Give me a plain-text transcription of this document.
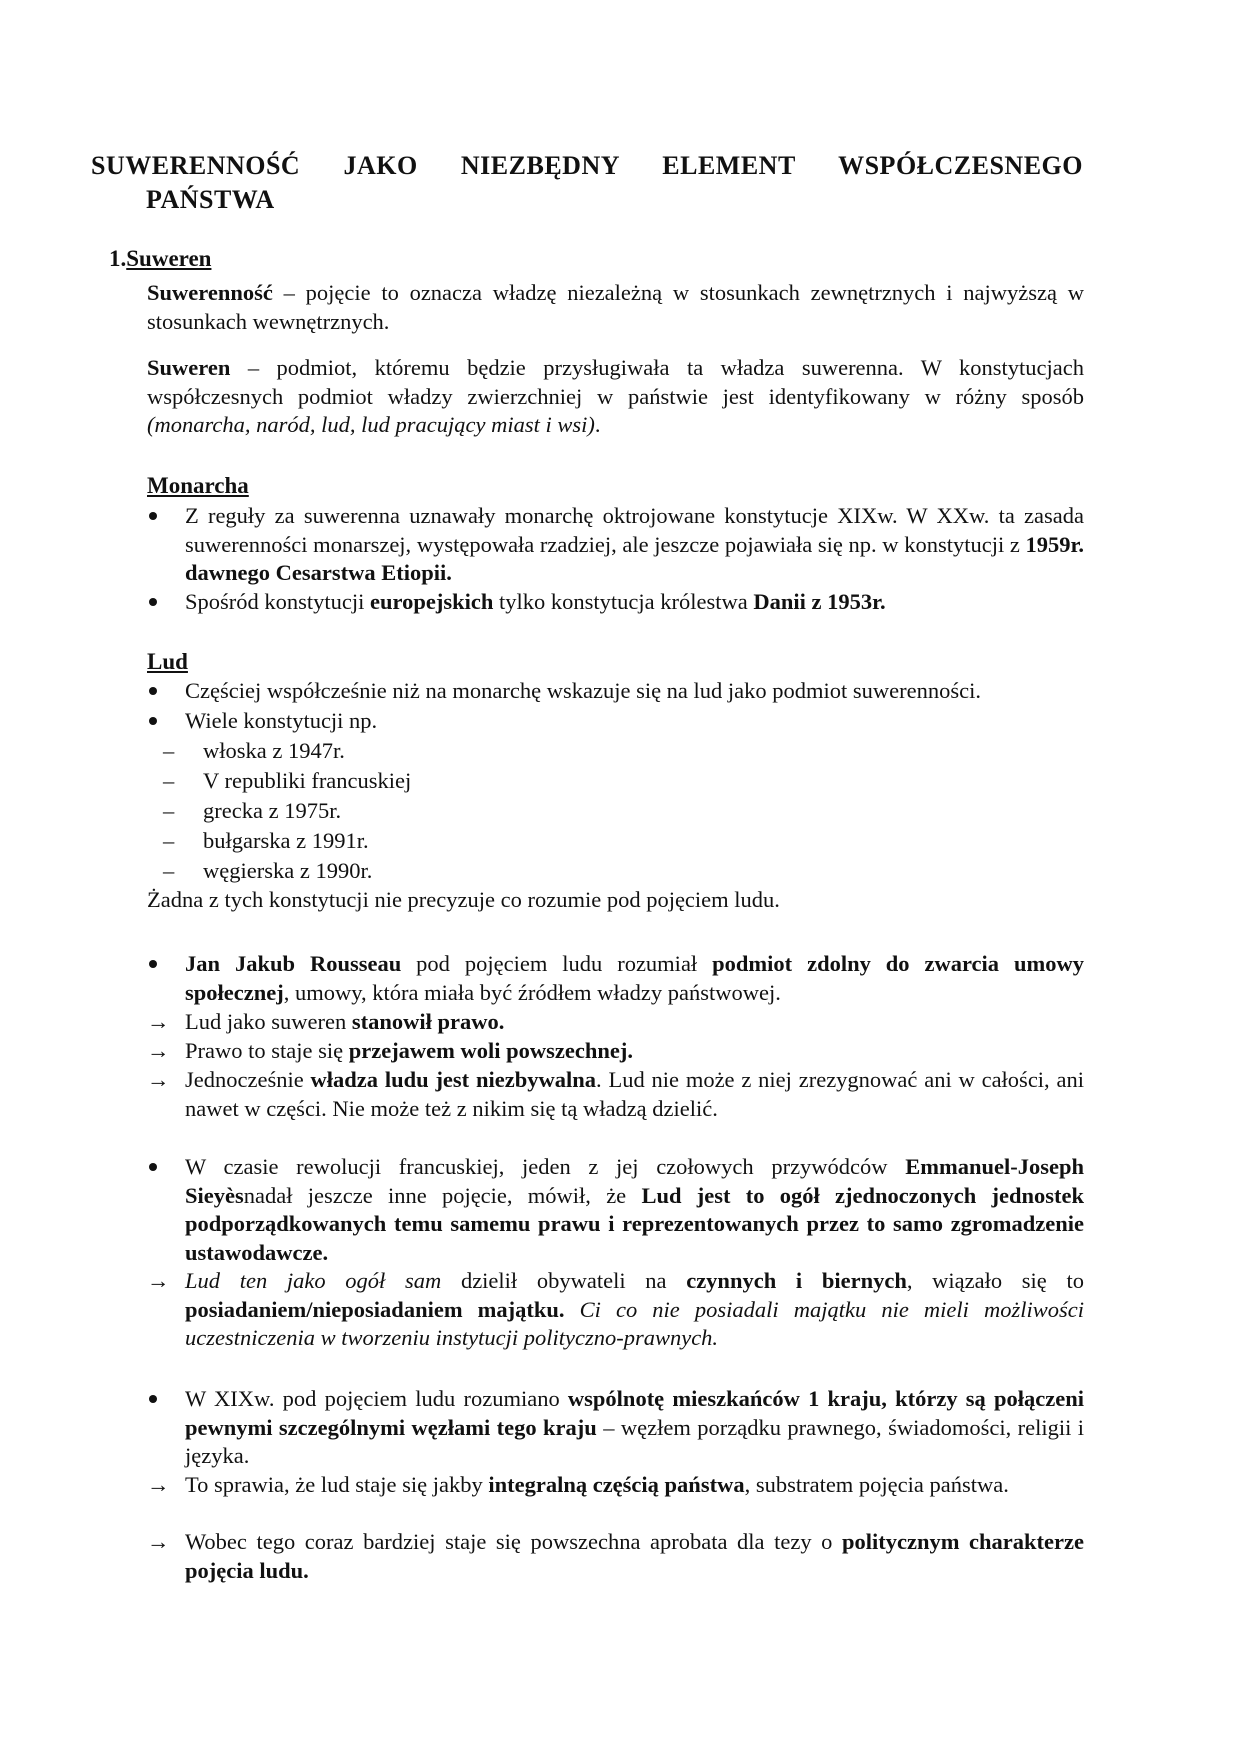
SUWERENNOŚĆ JAKO NIEZBĘDNY ELEMENT WSPÓŁCZESNEGO
PAŃSTWA
1.Suweren

Suwerenność – pojęcie to oznacza władzę niezależną w stosunkach zewnętrznych i najwyższą w stosunkach wewnętrznych.

Suweren – podmiot, któremu będzie przysługiwała ta władza suwerenna. W konstytucjach współczesnych podmiot władzy zwierzchniej w państwie jest identyfikowany w różny sposób (monarcha, naród, lud, lud pracujący miast i wsi).

Monarcha
Z reguły za suwerenna uznawały monarchę oktrojowane konstytucje XIXw. W XXw. ta zasada suwerenności monarszej, występowała rzadziej, ale jeszcze pojawiała się np. w konstytucji z 1959r. dawnego Cesarstwa Etiopii.
Spośród konstytucji europejskich tylko konstytucja królestwa Danii z 1953r.
Lud
Częściej współcześnie niż na monarchę wskazuje się na lud jako podmiot suwerenności.
Wiele konstytucji np.
–	włoska z 1947r.
–	V republiki francuskiej
–	grecka z 1975r.
–	bułgarska z 1991r.
–	węgierska z 1990r.

Żadna z tych konstytucji nie precyzuje co rozumie pod pojęciem ludu.

Jan Jakub Rousseau pod pojęciem ludu rozumiał podmiot zdolny do zwarcia umowy społecznej, umowy, która miała być źródłem władzy państwowej.
→ Lud jako suweren stanowił prawo.
→ Prawo to staje się przejawem woli powszechnej.
→ Jednocześnie władza ludu jest niezbywalna. Lud nie może z niej zrezygnować ani w całości, ani nawet w części. Nie może też z nikim się tą władzą dzielić.
W czasie rewolucji francuskiej, jeden z jej czołowych przywódców Emmanuel-Joseph Sieyèsnadał jeszcze inne pojęcie, mówił, że Lud jest to ogół zjednoczonych jednostek podporządkowanych temu samemu prawu i reprezentowanych przez to samo zgromadzenie ustawodawcze.
→ Lud ten jako ogół sam dzielił obywateli na czynnych i biernych, wiązało się to posiadaniem/nieposiadaniem majątku. Ci co nie posiadali majątku nie mieli możliwości uczestniczenia w tworzeniu instytucji polityczno-prawnych.
W XIXw. pod pojęciem ludu rozumiano wspólnotę mieszkańców 1 kraju, którzy są połączeni pewnymi szczególnymi węzłami tego kraju – węzłem porządku prawnego, świadomości, religii i języka.
→ To sprawia, że lud staje się jakby integralną częścią państwa, substratem pojęcia państwa.
→ Wobec tego coraz bardziej staje się powszechna aprobata dla tezy o politycznym charakterze pojęcia ludu.
